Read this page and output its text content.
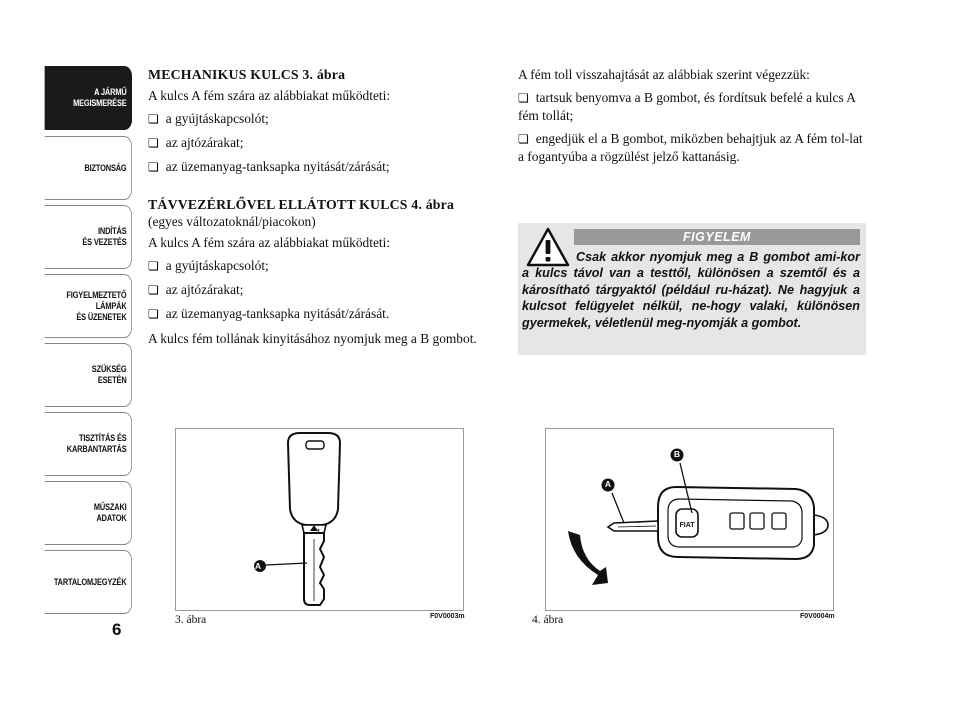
A JÁRMŰ
MEGISMERÉSE
BIZTONSÁG
INDÍTÁS
ÉS VEZETÉS
FIGYELMEZTETŐ
LÁMPÁK
ÉS ÜZENETEK
SZÜKSÉG
ESETÉN
TISZTÍTÁS ÉS
KARBANTARTÁS
MŰSZAKI
ADATOK
TARTALOMJEGYZÉK
6
MECHANIKUS KULCS 3. ábra
A kulcs A fém szára az alábbiakat működteti:
❏ a gyújtáskapcsolót;
❏ az ajtózárakat;
❏ az üzemanyag-tanksapka nyitását/zárását;
TÁVVEZÉRLŐVEL ELLÁTOTT KULCS 4. ábra
(egyes változatoknál/piacokon)
A kulcs A fém szára az alábbiakat működteti:
❏ a gyújtáskapcsolót;
❏ az ajtózárakat;
❏ az üzemanyag-tanksapka nyitását/zárását.
A kulcs fém tollának kinyitásához nyomjuk meg a B gombot.
A fém toll visszahajtását az alábbiak szerint végezzük:
❏ tartsuk benyomva a B gombot, és fordítsuk befelé a kulcs A fém tollát;
❏ engedjük el a B gombot, miközben behajtjuk az A fém tol-lat a fogantyúba a rögzülést jelző kattanásig.
FIGYELEM
Csak akkor nyomjuk meg a B gombot ami-kor a kulcs távol van a testtől, különösen a szemtől és a károsítható tárgyaktól (például ru-házat). Ne hagyjuk a kulcsot felügyelet nélkül, ne-hogy valaki, különösen gyermekek, véletlenül meg-nyomják a gombot.
⚷
A
3. ábra	F0V0003m
FIAT
A
B
4. ábra	F0V0004m
